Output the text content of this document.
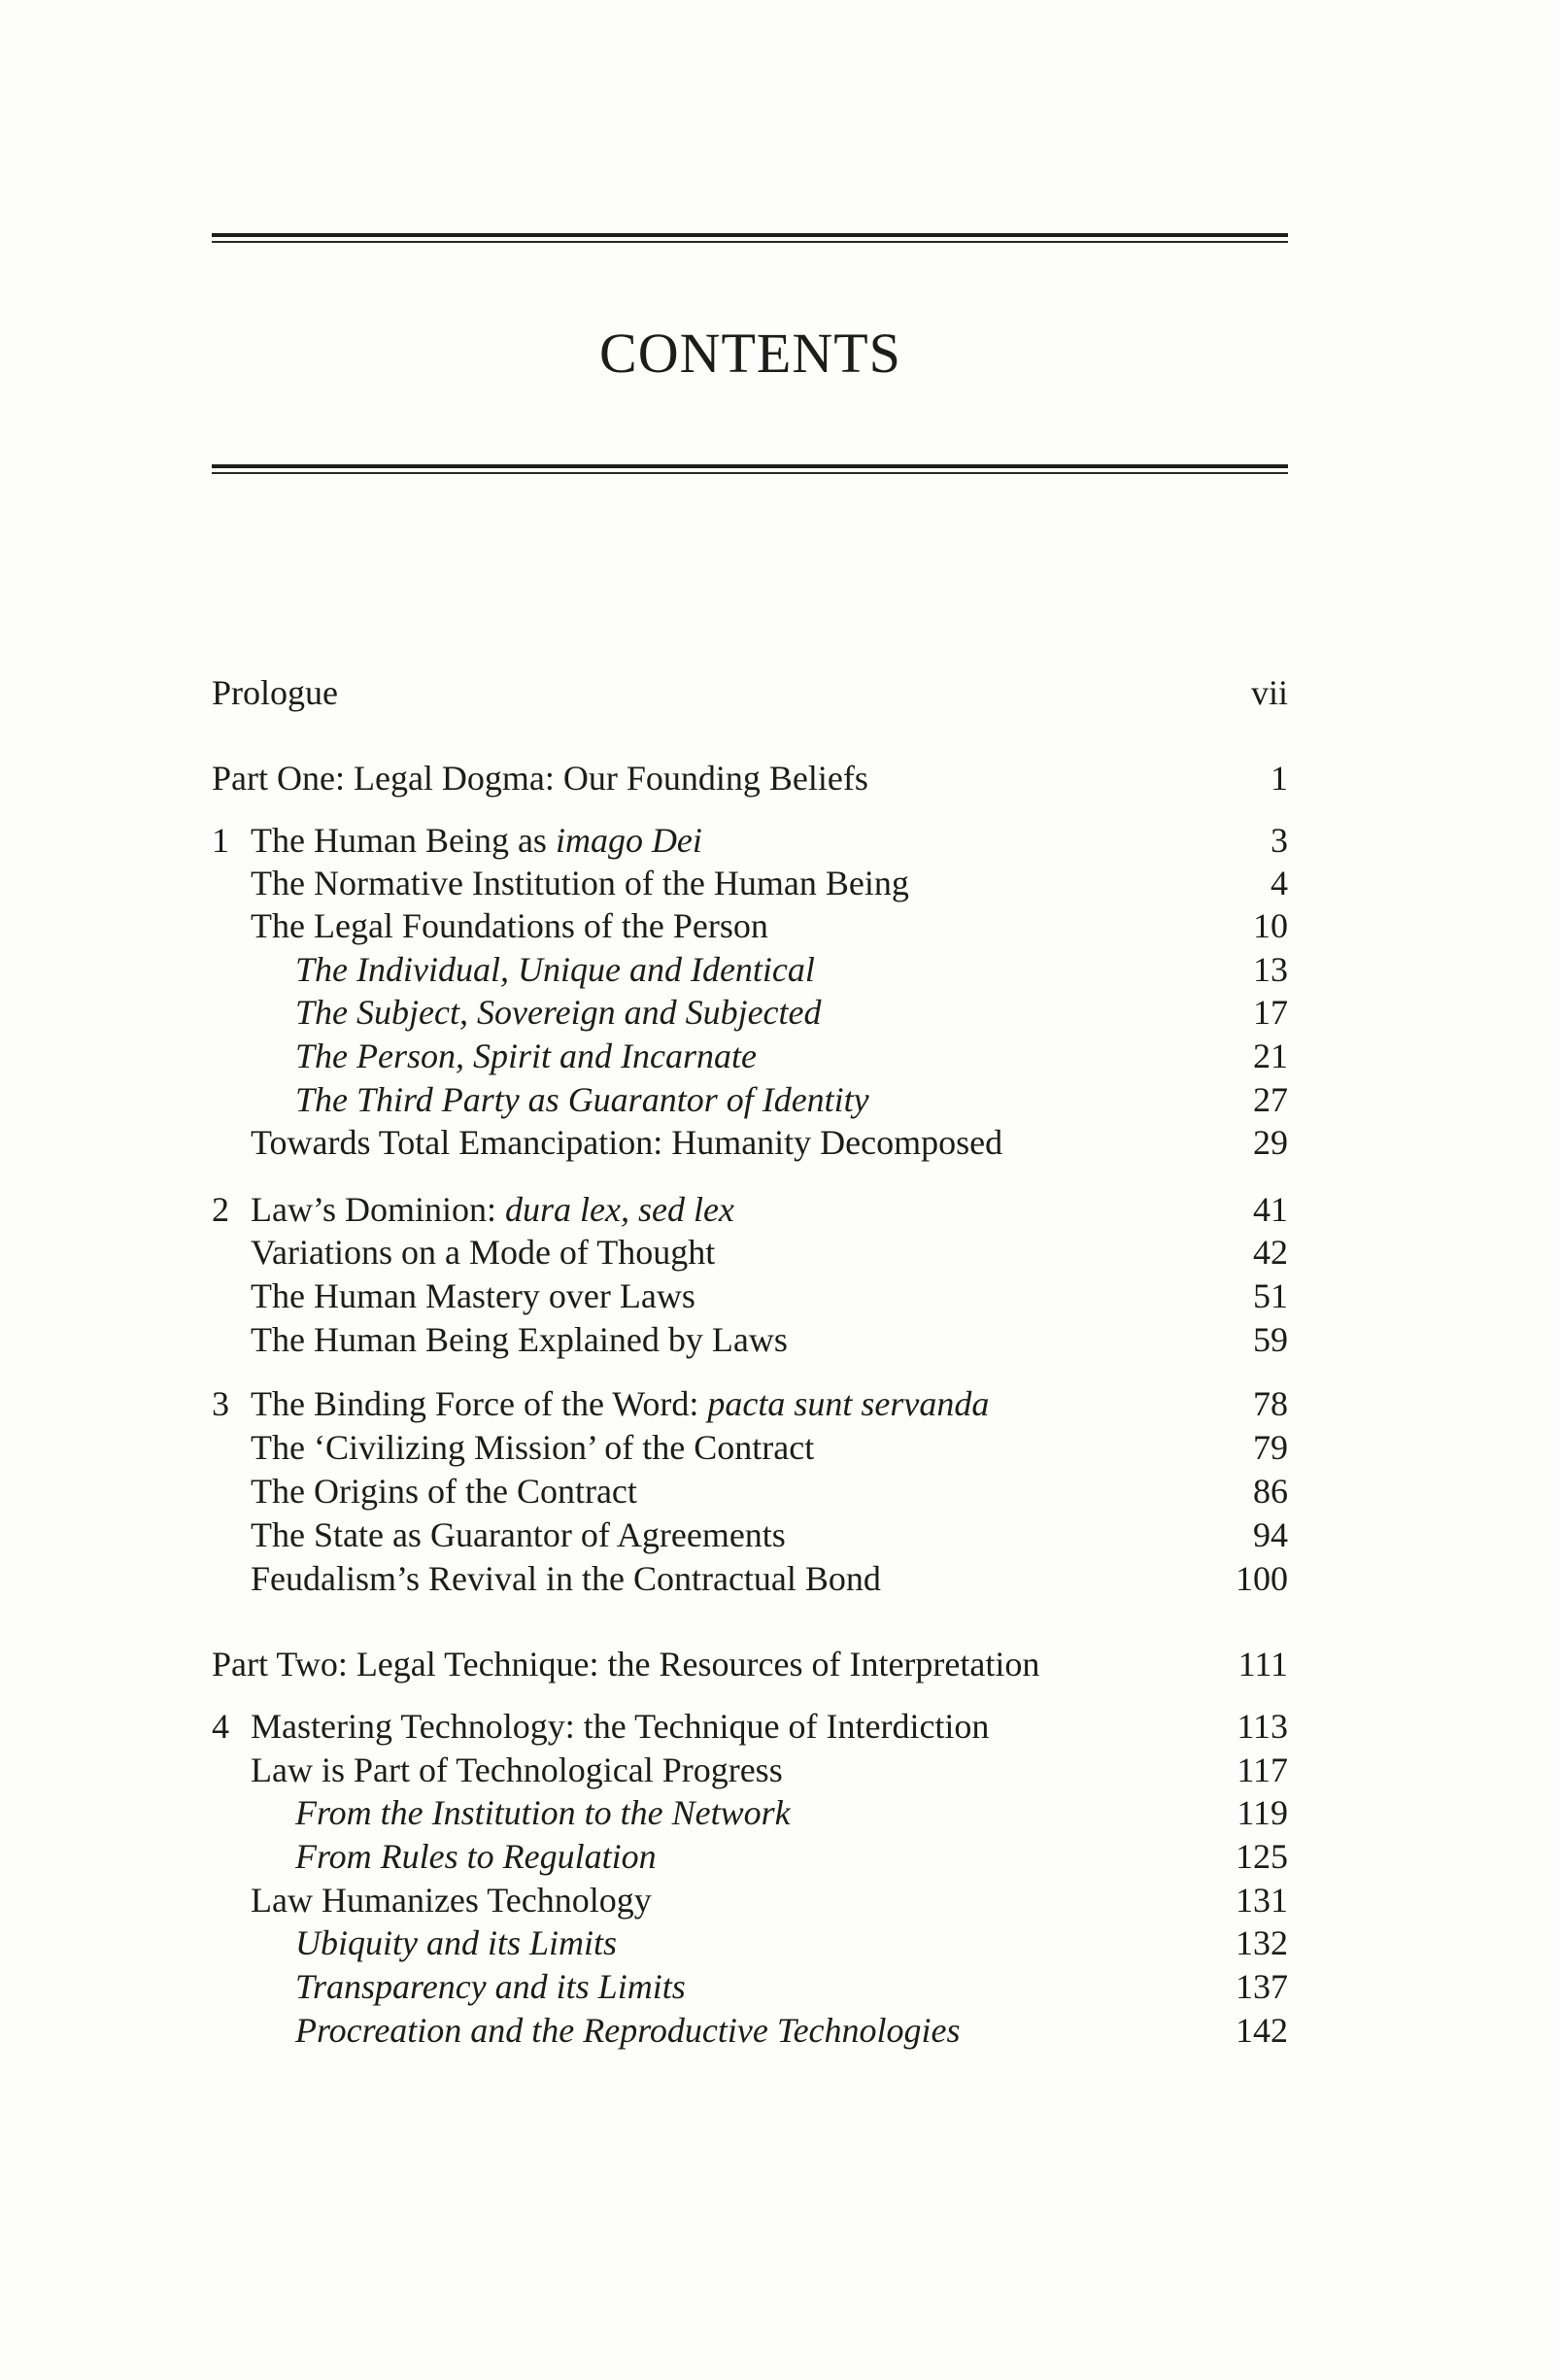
CONTENTS
Prologue	vii
Part One: Legal Dogma: Our Founding Beliefs	1
1 The Human Being as imago Dei	3
The Normative Institution of the Human Being	4
The Legal Foundations of the Person	10
The Individual, Unique and Identical	13
The Subject, Sovereign and Subjected	17
The Person, Spirit and Incarnate	21
The Third Party as Guarantor of Identity	27
Towards Total Emancipation: Humanity Decomposed	29
2 Law’s Dominion: dura lex, sed lex	41
Variations on a Mode of Thought	42
The Human Mastery over Laws	51
The Human Being Explained by Laws	59
3 The Binding Force of the Word: pacta sunt servanda	78
The ‘Civilizing Mission’ of the Contract	79
The Origins of the Contract	86
The State as Guarantor of Agreements	94
Feudalism’s Revival in the Contractual Bond	100
Part Two: Legal Technique: the Resources of Interpretation	111
4 Mastering Technology: the Technique of Interdiction	113
Law is Part of Technological Progress	117
From the Institution to the Network	119
From Rules to Regulation	125
Law Humanizes Technology	131
Ubiquity and its Limits	132
Transparency and its Limits	137
Procreation and the Reproductive Technologies	142
